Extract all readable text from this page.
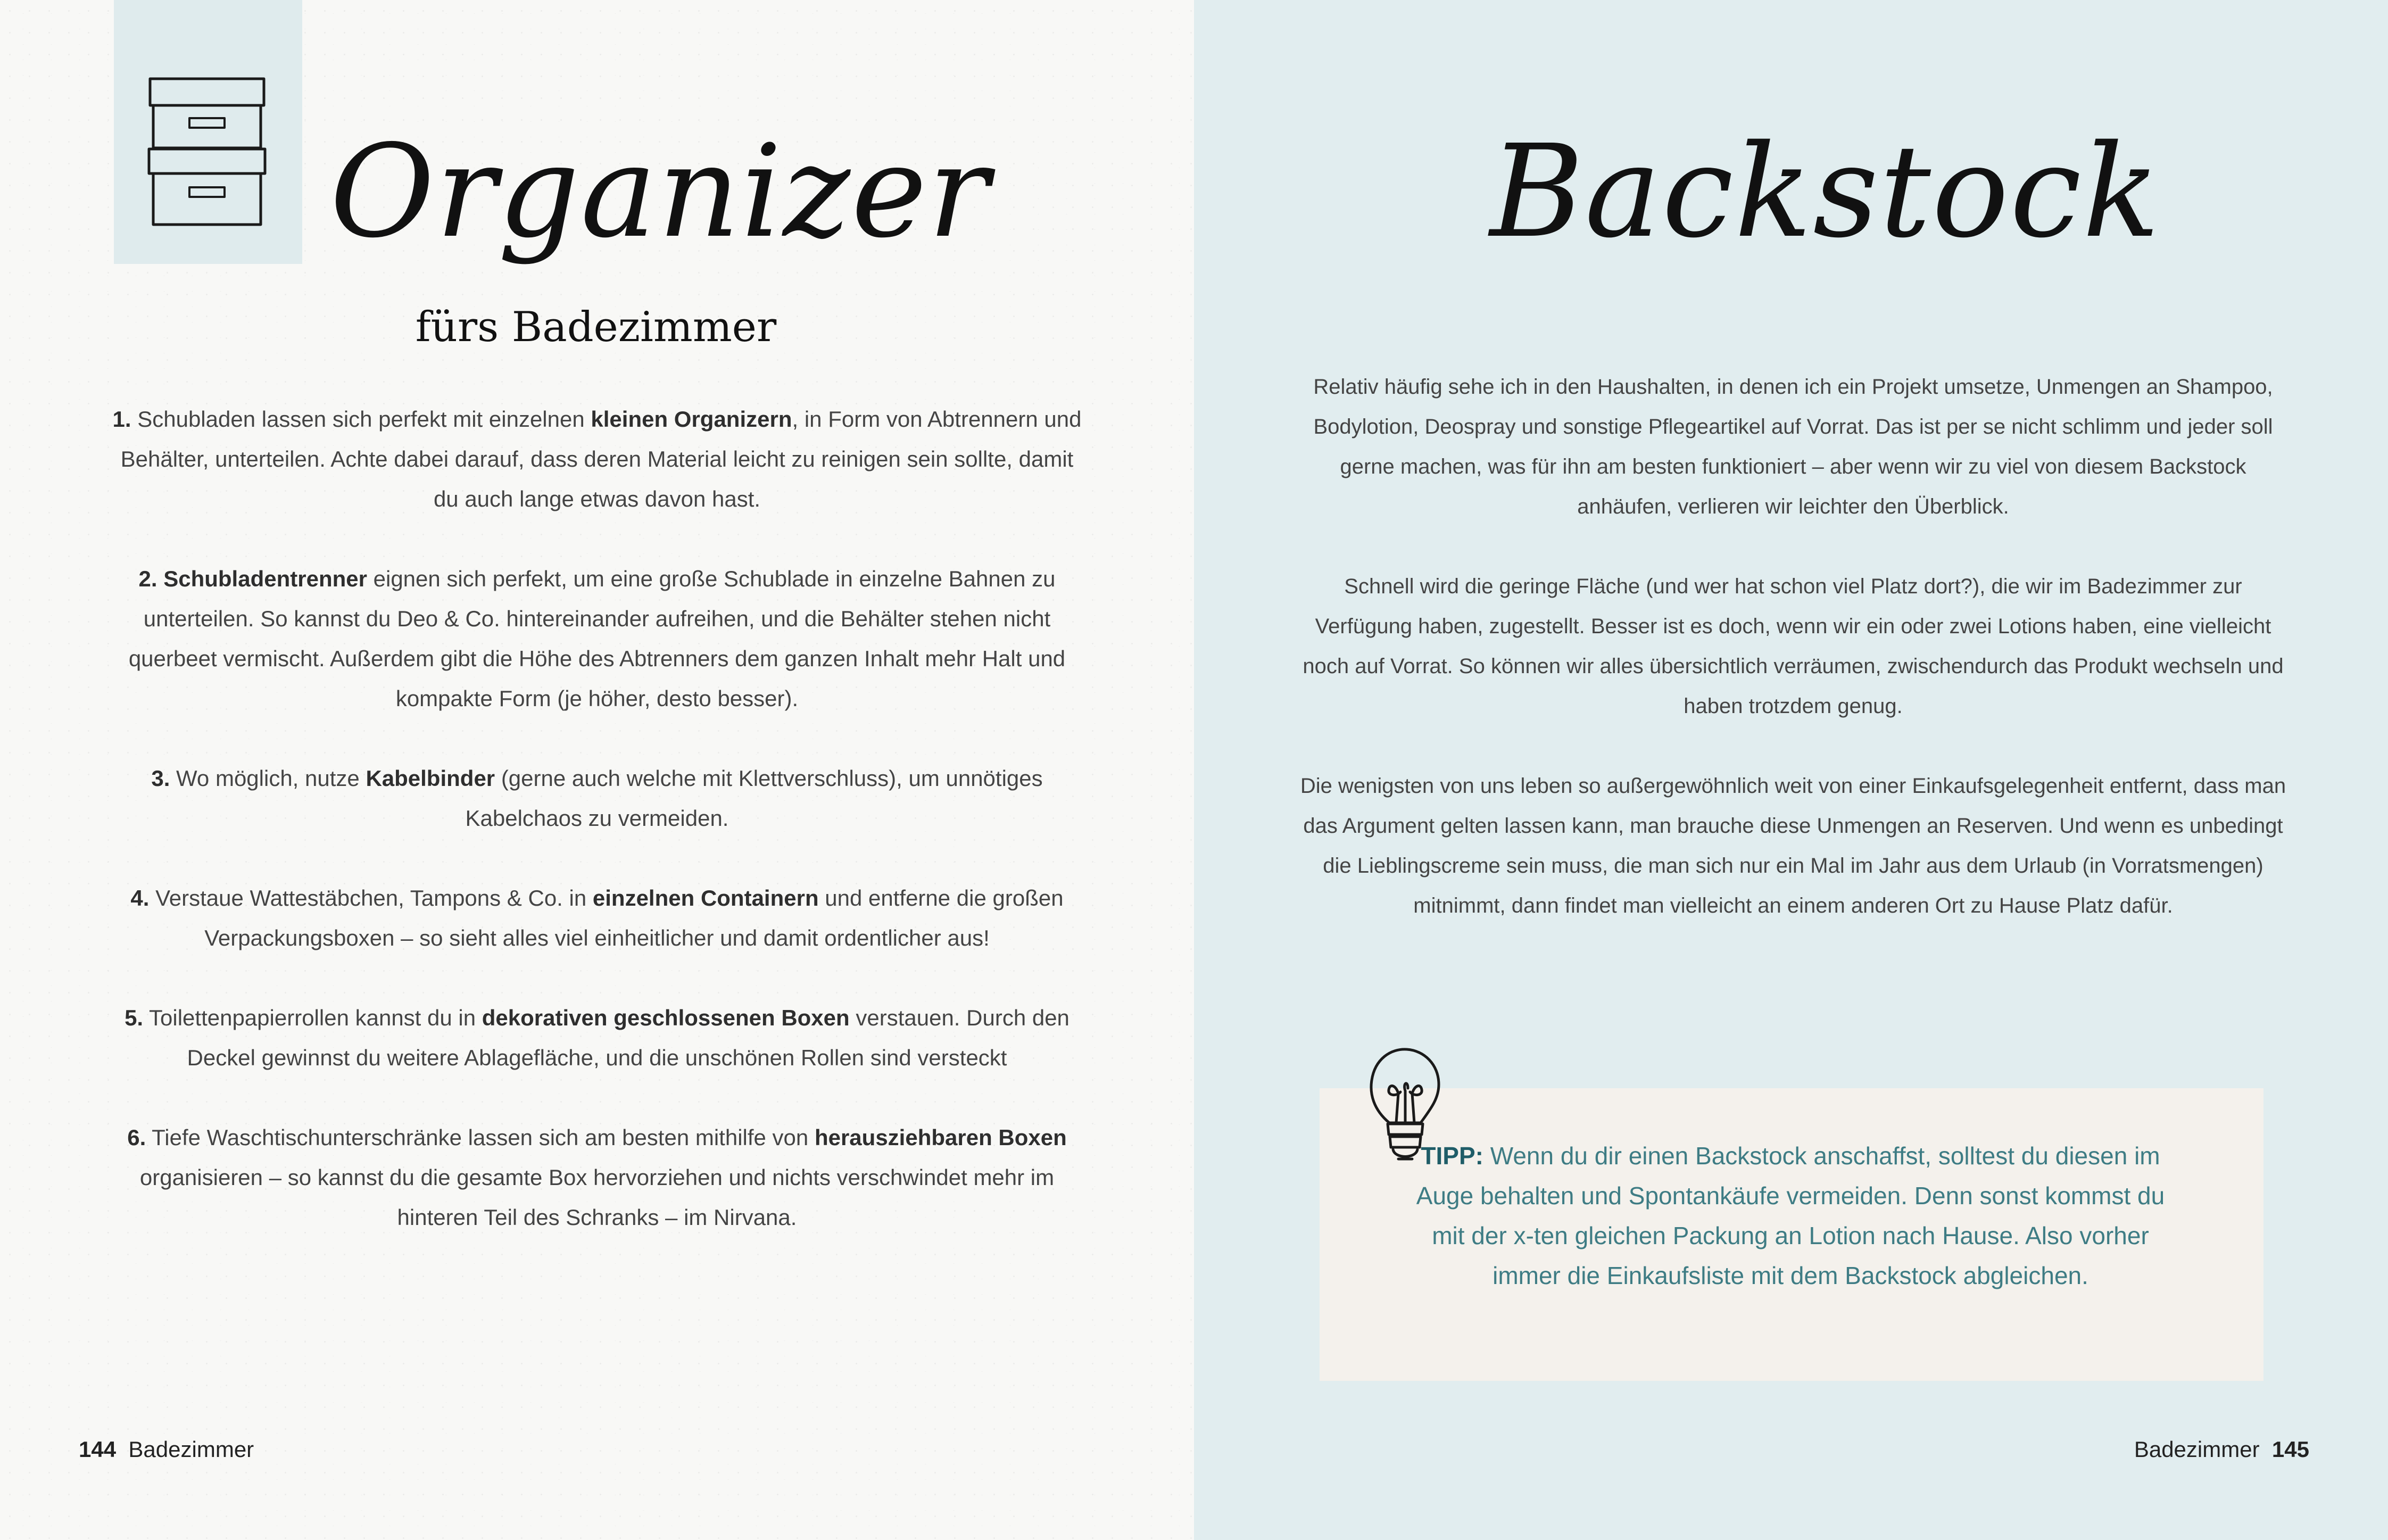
Organizer
fürs Badezimmer

1. Schubladen lassen sich perfekt mit einzelnen kleinen Organizern, in Form von Abtrennern und Behälter, unterteilen. Achte dabei darauf, dass deren Material leicht zu reinigen sein sollte, damit du auch lange etwas davon hast.

2. Schubladentrenner eignen sich perfekt, um eine große Schublade in einzelne Bahnen zu unterteilen. So kannst du Deo & Co. hintereinander aufreihen, und die Behälter stehen nicht querbeet vermischt. Außerdem gibt die Höhe des Abtrenners dem ganzen Inhalt mehr Halt und kompakte Form (je höher, desto besser).

3. Wo möglich, nutze Kabelbinder (gerne auch welche mit Klettverschluss), um unnötiges Kabelchaos zu vermeiden.

4. Verstaue Wattestäbchen, Tampons & Co. in einzelnen Containern und entferne die großen Verpackungsboxen – so sieht alles viel einheitlicher und damit ordentlicher aus!

5. Toilettenpapierrollen kannst du in dekorativen geschlossenen Boxen verstauen. Durch den Deckel gewinnst du weitere Ablagefläche, und die unschönen Rollen sind versteckt

6. Tiefe Waschtischunterschränke lassen sich am besten mithilfe von herausziehbaren Boxen organisieren – so kannst du die gesamte Box hervorziehen und nichts verschwindet mehr im hinteren Teil des Schranks – im Nirvana.

144 Badezimmer
Backstock

Relativ häufig sehe ich in den Haushalten, in denen ich ein Projekt umsetze, Unmengen an Shampoo, Bodylotion, Deospray und sonstige Pflegeartikel auf Vorrat. Das ist per se nicht schlimm und jeder soll gerne machen, was für ihn am besten funktioniert – aber wenn wir zu viel von diesem Backstock anhäufen, verlieren wir leichter den Überblick.

Schnell wird die geringe Fläche (und wer hat schon viel Platz dort?), die wir im Badezimmer zur Verfügung haben, zugestellt. Besser ist es doch, wenn wir ein oder zwei Lotions haben, eine vielleicht noch auf Vorrat. So können wir alles übersichtlich verräumen, zwischendurch das Produkt wechseln und haben trotzdem genug.

Die wenigsten von uns leben so außergewöhnlich weit von einer Einkaufsgelegenheit entfernt, dass man das Argument gelten lassen kann, man brauche diese Unmengen an Reserven. Und wenn es unbedingt die Lieblingscreme sein muss, die man sich nur ein Mal im Jahr aus dem Urlaub (in Vorratsmengen) mitnimmt, dann findet man vielleicht an einem anderen Ort zu Hause Platz dafür.

TIPP: Wenn du dir einen Backstock anschaffst, solltest du diesen im Auge behalten und Spontankäufe vermeiden. Denn sonst kommst du mit der x-ten gleichen Packung an Lotion nach Hause. Also vorher immer die Einkaufsliste mit dem Backstock abgleichen.
Badezimmer 145
